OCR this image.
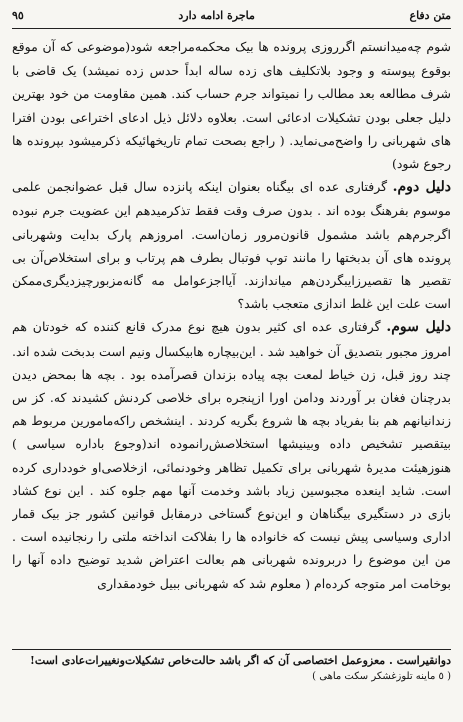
٩٥	ماجرة ادامه دارد	متن دفاع

شوم چه‌میدانستم اگرروزی پرونده ها بیک محکمه‌مراجعه شود(موضوعی که آن موقع بوقوع پیوسته و وجود بلاتکلیف های زده ساله ابداً حدس زده نمیشد) یک قاضی با شرف مطالعه بعد مطالب را نمیتواند جرم حساب کند. همین مقاومت من خود بهترین دلیل جعلی بودن تشکیلات ادعائی است. بعلاوه دلائل ذیل ادعای اختراعی بودن افترا های شهربانی را واضح‌می‌نماید. ( راجع بصحت تمام تاریخهائیکه ذکرمیشود بپرونده ها رجوع شود)

دلیل دوم. گرفتاری عده ای بیگناه بعنوان اینکه پانزده سال قبل عضوانجمن علمی موسوم بفرهنگ بوده اند . بدون صرف وقت فقط تذکرمیدهم این عضویت جرم نبوده اگرجرم‌هم باشد مشمول قانون‌مرور زمان‌است. امروزهم پارک بدایت وشهربانی پرونده های آن بدبختها را مانند توپ فوتبال بطرف هم پرتاب و برای استخلاص‌آن بی تقصیر ها تقصیرزایبگردن‌هم میاندازند. آیااجزعوامل مه گانه‌مزبورچیزدیگری‌ممکن است علت این غلط اندازی متعجب باشد؟

دلیل سوم. گرفتاری عده ای کثیر بدون هیچ نوع مدرک قانع کننده که خودتان هم امروز مجبور بتصدیق آن خواهید شد . این‌بیچاره هابیکسال ونیم است بدبخت شده اند. چند روز قبل، زن خیاط لمعت بچه پیاده بزندان قصرآمده بود . بچه ها بمحض دیدن بدرچنان فغان بر آوردند ودامن اورا ازپنجره برای خلاصی کردنش کشیدند که. کز س زندانیانهم هم بنا بفریاد بچه ها شروع بگریه کردند . اینشخص راکه‌مامورین مربوط هم بیتقصیر تشخیص داده وبینیشها استخلاصش‌رانموده اند(وجوع باداره سیاسی ) هنوزهیئت مدیرهٔ شهربانی برای تکمیل تظاهر وخودنمائی، ازخلاصی‌او خودداری کرده است. شاید اینعده مجبوسین زیاد باشد وخدمت آنها مهم جلوه کند . این نوع کشاد بازی در دستگیری بیگناهان و این‌نوع گستاخی درمقابل قوانین کشور جز بیک قمار اداری وسیاسی پیش نیست که خانواده ها را بفلاکت انداخته ملتی را رنجانیده است . من این موضوع را دربرونده شهربانی هم بعالت اعتراض شدید توضیح داده آنها را بوخامت امر متوجه کرده‌ام ( معلوم شد که شهربانی ببیل خودمقداری

دوانقیراست . معزوعمل اختصاصی آن که اگر باشد حالت‌خاص تشکیلات‌ونغییرات‌عادی است!
( ٥ ماینه تلوزغشکر سکت ماهی )
